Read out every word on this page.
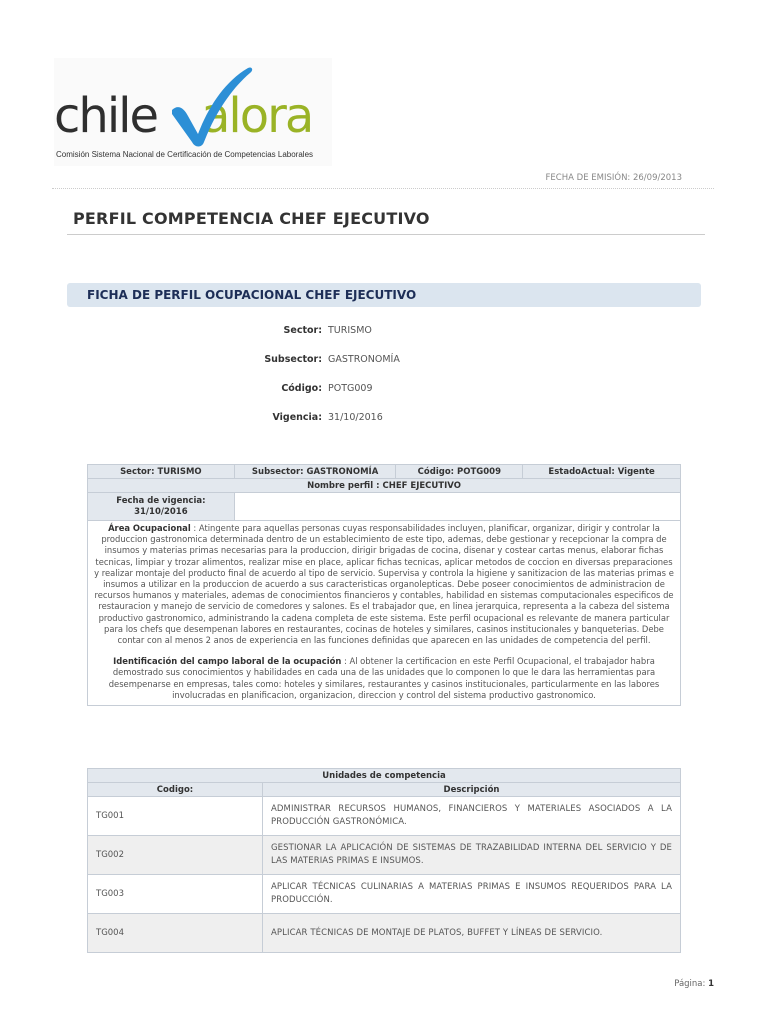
chile alora
Comisión Sistema Nacional de Certificación de Competencias Laborales
FECHA DE EMISIÓN: 26/09/2013
PERFIL COMPETENCIA CHEF EJECUTIVO
FICHA DE PERFIL OCUPACIONAL CHEF EJECUTIVO
Sector: TURISMO
Subsector: GASTRONOMÍA
Código: POTG009
Vigencia: 31/10/2016
Sector: TURISMO	Subsector: GASTRONOMÍA	Código: POTG009	EstadoActual: Vigente
Nombre perfil : CHEF EJECUTIVO			
Fecha de vigencia:
31/10/2016			

Área Ocupacional : Atingente para aquellas personas cuyas responsabilidades incluyen, planificar, organizar, dirigir y controlar la produccion gastronomica determinada dentro de un establecimiento de este tipo, ademas, debe gestionar y recepcionar la compra de insumos y materias primas necesarias para la produccion, dirigir brigadas de cocina, disenar y costear cartas menus, elaborar fichas tecnicas, limpiar y trozar alimentos, realizar mise en place, aplicar fichas tecnicas, aplicar metodos de coccion en diversas preparaciones y realizar montaje del producto final de acuerdo al tipo de servicio. Supervisa y controla la higiene y sanitizacion de las materias primas e insumos a utilizar en la produccion de acuerdo a sus caracteristicas organolepticas. Debe poseer conocimientos de administracion de recursos humanos y materiales, ademas de conocimientos financieros y contables, habilidad en sistemas computacionales especificos de restauracion y manejo de servicio de comedores y salones. Es el trabajador que, en linea jerarquica, representa a la cabeza del sistema productivo gastronomico, administrando la cadena completa de este sistema. Este perfil ocupacional es relevante de manera particular para los chefs que desempenan labores en restaurantes, cocinas de hoteles y similares, casinos institucionales y banqueterias. Debe contar con al menos 2 anos de experiencia en las funciones definidas que aparecen en las unidades de competencia del perfil.

Identificación del campo laboral de la ocupación : Al obtener la certificacion en este Perfil Ocupacional, el trabajador habra demostrado sus conocimientos y habilidades en cada una de las unidades que lo componen lo que le dara las herramientas para desempenarse en empresas, tales como: hoteles y similares, restaurantes y casinos institucionales, particularmente en las labores involucradas en planificacion, organizacion, direccion y control del sistema productivo gastronomico.			

Unidades de competencia	
Codigo:	Descripción
TG001	ADMINISTRAR RECURSOS HUMANOS, FINANCIEROS Y MATERIALES ASOCIADOS A LA PRODUCCIÓN GASTRONÓMICA.
TG002	GESTIONAR LA APLICACIÓN DE SISTEMAS DE TRAZABILIDAD INTERNA DEL SERVICIO Y DE LAS MATERIAS PRIMAS E INSUMOS.
TG003	APLICAR TÉCNICAS CULINARIAS A MATERIAS PRIMAS E INSUMOS REQUERIDOS PARA LA PRODUCCIÓN.
TG004	APLICAR TÉCNICAS DE MONTAJE DE PLATOS, BUFFET Y LÍNEAS DE SERVICIO.
Página: 1
